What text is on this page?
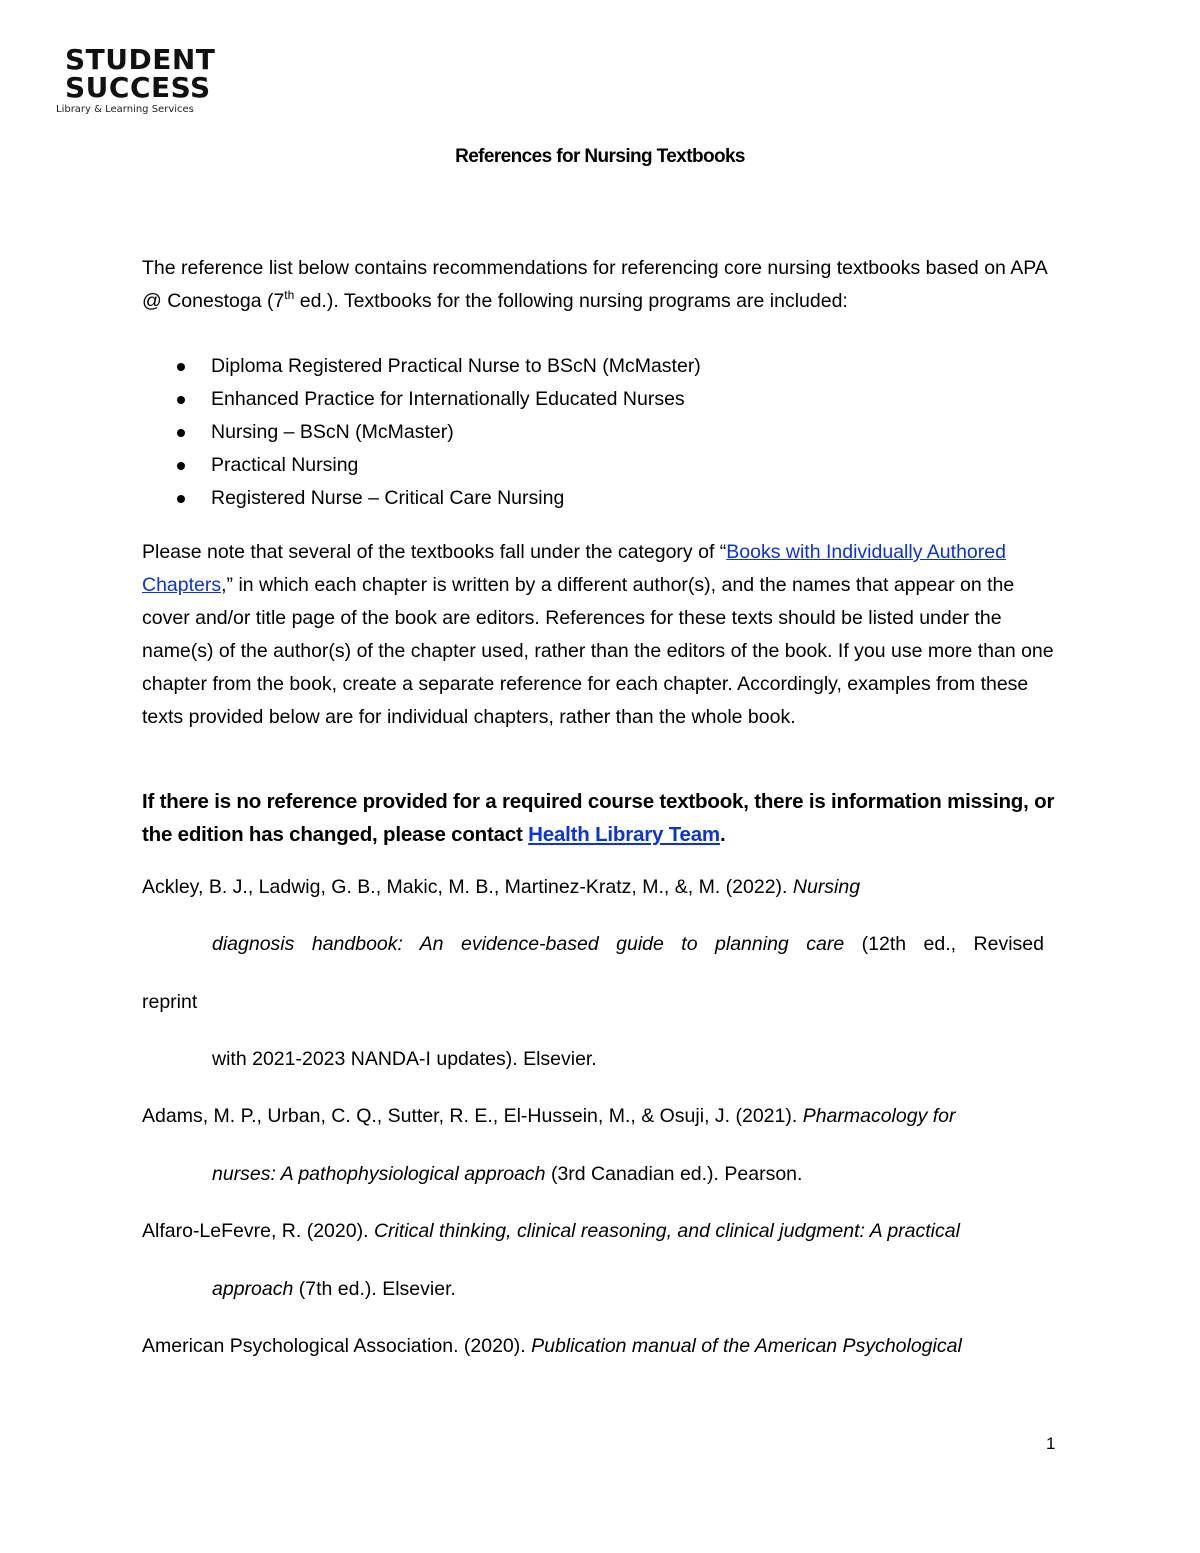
STUDENT
SUCCESS
Library & Learning Services
References for Nursing Textbooks

The reference list below contains recommendations for referencing core nursing textbooks based on APA @ Conestoga (7th ed.). Textbooks for the following nursing programs are included:

Diploma Registered Practical Nurse to BScN (McMaster)
Enhanced Practice for Internationally Educated Nurses
Nursing – BScN (McMaster)
Practical Nursing
Registered Nurse – Critical Care Nursing

Please note that several of the textbooks fall under the category of “Books with Individually Authored Chapters,” in which each chapter is written by a different author(s), and the names that appear on the cover and/or title page of the book are editors. References for these texts should be listed under the name(s) of the author(s) of the chapter used, rather than the editors of the book. If you use more than one chapter from the book, create a separate reference for each chapter. Accordingly, examples from these texts provided below are for individual chapters, rather than the whole book.

If there is no reference provided for a required course textbook, there is information missing, or the edition has changed, please contact Health Library Team.

Ackley, B. J., Ladwig, G. B., Makic, M. B., Martinez-Kratz, M., &, M. (2022). Nursing
diagnosis handbook: An evidence-based guide to planning care (12th ed., Revised
reprint
with 2021-2023 NANDA-I updates). Elsevier.
Adams, M. P., Urban, C. Q., Sutter, R. E., El-Hussein, M., & Osuji, J. (2021). Pharmacology for
nurses: A pathophysiological approach (3rd Canadian ed.). Pearson.
Alfaro-LeFevre, R. (2020). Critical thinking, clinical reasoning, and clinical judgment: A practical
approach (7th ed.). Elsevier.
American Psychological Association. (2020). Publication manual of the American Psychological
1
